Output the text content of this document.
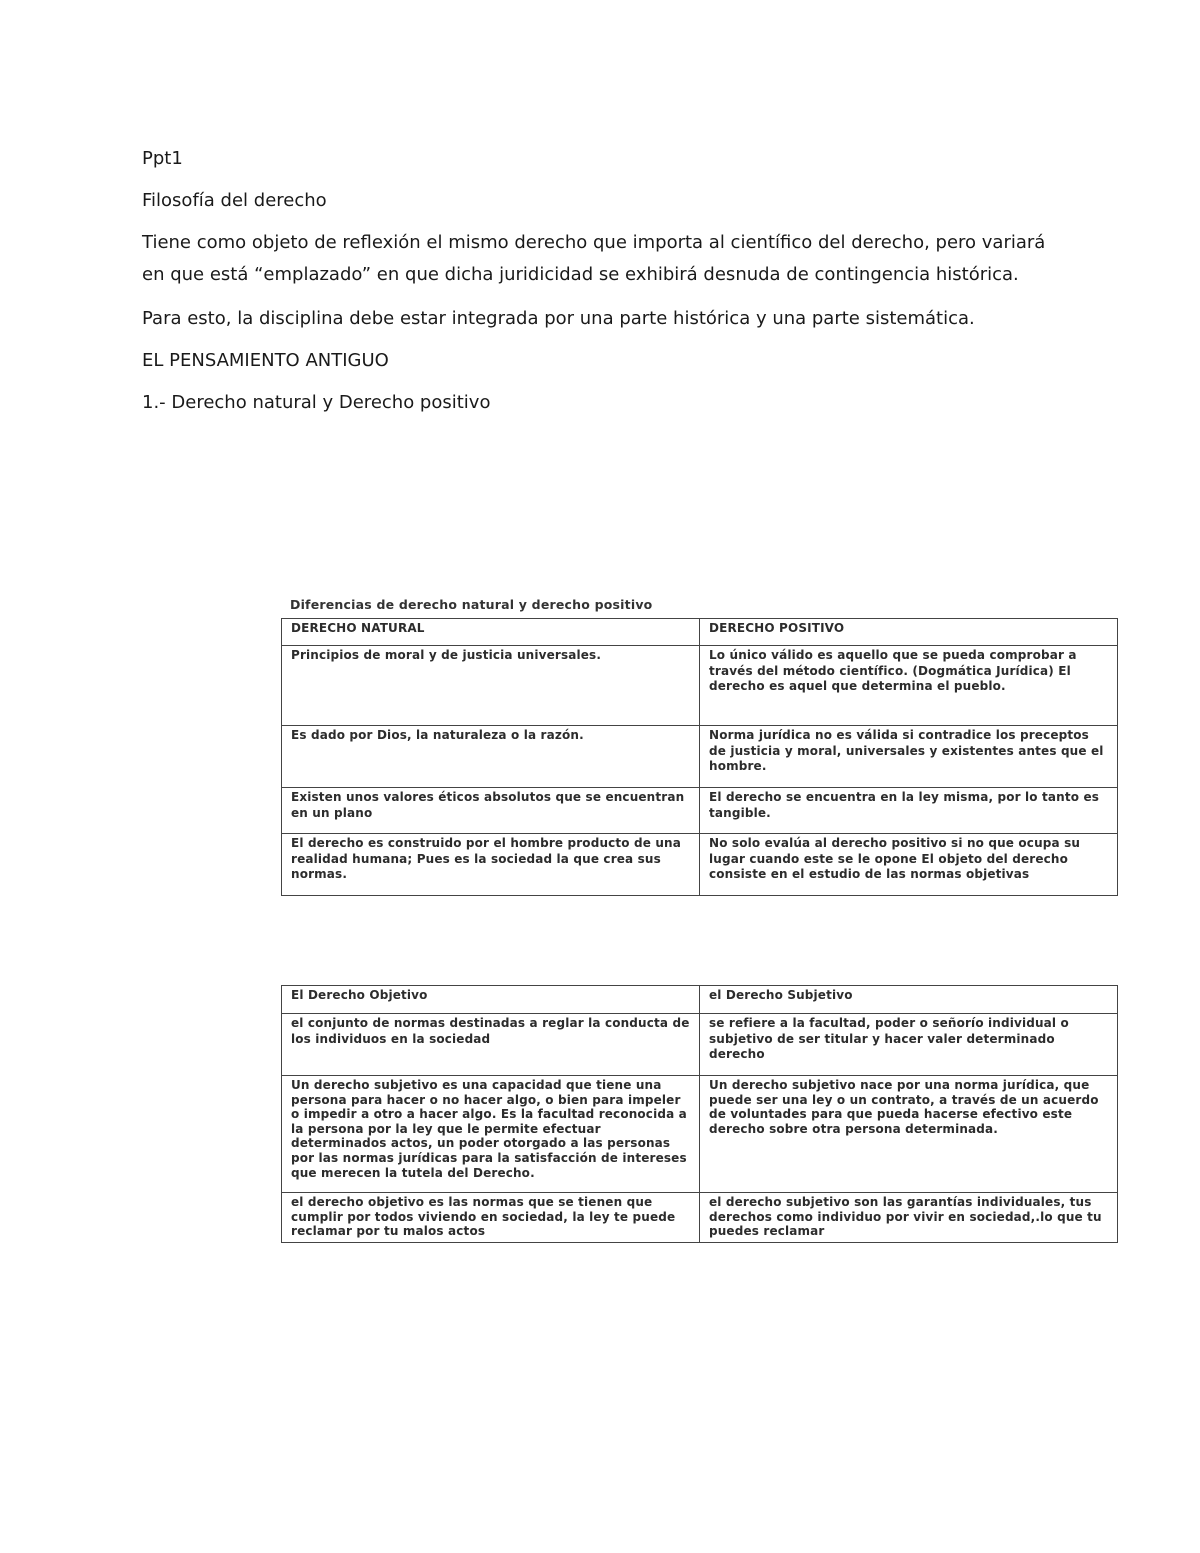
Ppt1

Filosofía del derecho

Tiene como objeto de reflexión el mismo derecho que importa al científico del derecho, pero variará en que está “emplazado” en que dicha juridicidad se exhibirá desnuda de contingencia histórica.

Para esto, la disciplina debe estar integrada por una parte histórica y una parte sistemática.

EL PENSAMIENTO ANTIGUO

1.- Derecho natural y Derecho positivo

Diferencias de derecho natural y derecho positivo
DERECHO NATURAL	DERECHO POSITIVO
Principios de moral y de justicia universales.	Lo único válido es aquello que se pueda comprobar a través del método científico. (Dogmática Jurídica) El derecho es aquel que determina el pueblo.
Es dado por Dios, la naturaleza o la razón.	Norma jurídica no es válida si contradice los preceptos de justicia y moral, universales y existentes antes que el hombre.
Existen unos valores éticos absolutos que se encuentran en un plano	El derecho se encuentra en la ley misma, por lo tanto es tangible.
El derecho es construido por el hombre producto de una realidad humana; Pues es la sociedad la que crea sus normas.	No solo evalúa al derecho positivo si no que ocupa su lugar cuando este se le opone El objeto del derecho consiste en el estudio de las normas objetivas
El Derecho Objetivo	el Derecho Subjetivo
el conjunto de normas destinadas a reglar la conducta de los individuos en la sociedad	se refiere a la facultad, poder o señorío individual o subjetivo de ser titular y hacer valer determinado derecho
Un derecho subjetivo es una capacidad que tiene una persona para hacer o no hacer algo, o bien para impeler o impedir a otro a hacer algo. Es la facultad reconocida a la persona por la ley que le permite efectuar determinados actos, un poder otorgado a las personas por las normas jurídicas para la satisfacción de intereses que merecen la tutela del Derecho.	Un derecho subjetivo nace por una norma jurídica, que puede ser una ley o un contrato, a través de un acuerdo de voluntades para que pueda hacerse efectivo este derecho sobre otra persona determinada.
el derecho objetivo es las normas que se tienen que cumplir por todos viviendo en sociedad, la ley te puede reclamar por tu malos actos	el derecho subjetivo son las garantías individuales, tus derechos como individuo por vivir en sociedad,.lo que tu puedes reclamar
